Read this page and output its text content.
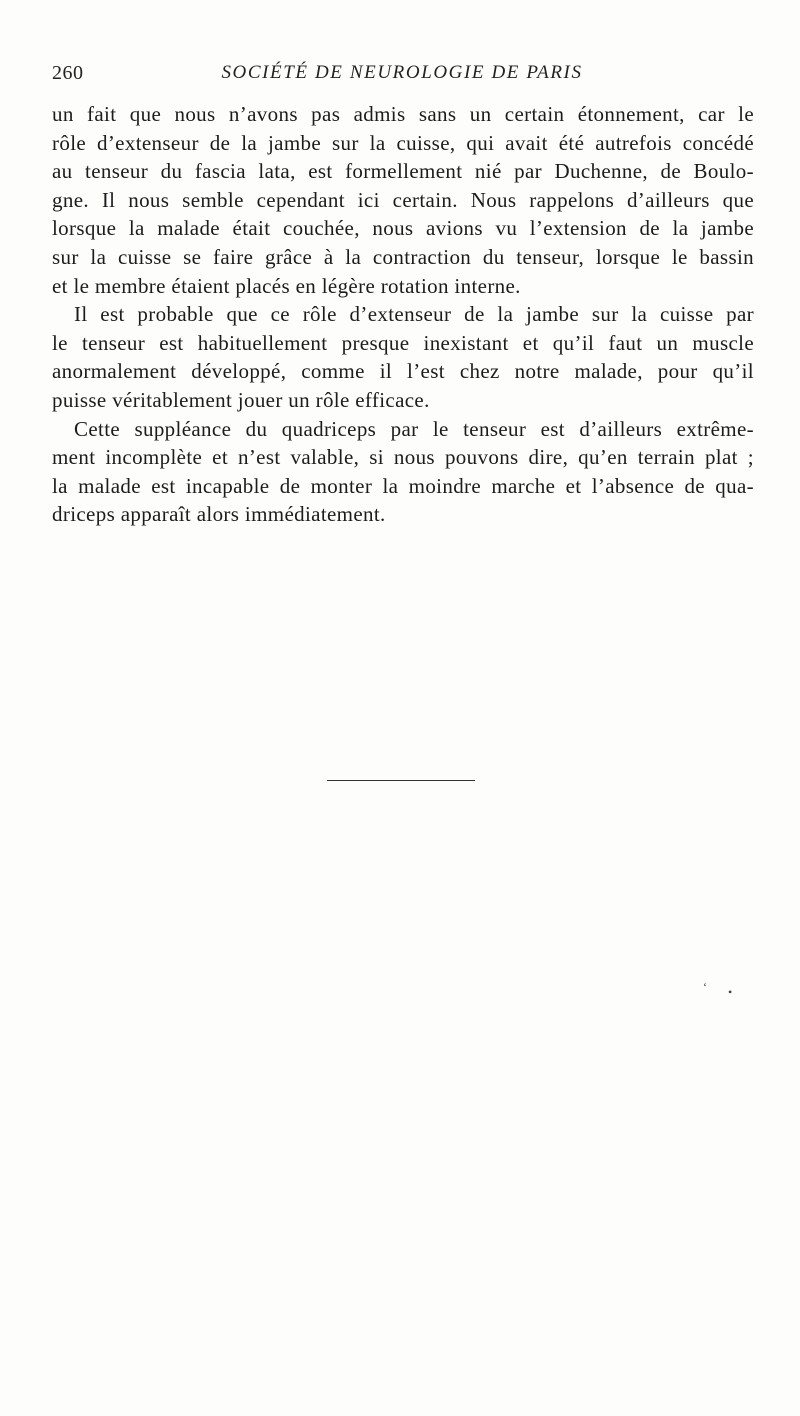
260	SOCIÉTÉ DE NEUROLOGIE DE PARIS
un fait que nous n’avons pas admis sans un certain étonnement, car le
rôle d’extenseur de la jambe sur la cuisse, qui avait été autrefois concédé
au tenseur du fascia lata, est formellement nié par Duchenne, de Boulo-
gne. Il nous semble cependant ici certain. Nous rappelons d’ailleurs que
lorsque la malade était couchée, nous avions vu l’extension de la jambe
sur la cuisse se faire grâce à la contraction du tenseur, lorsque le bassin
et le membre étaient placés en légère rotation interne.
Il est probable que ce rôle d’extenseur de la jambe sur la cuisse par
le tenseur est habituellement presque inexistant et qu’il faut un muscle
anormalement développé, comme il l’est chez notre malade, pour qu’il
puisse véritablement jouer un rôle efficace.
Cette suppléance du quadriceps par le tenseur est d’ailleurs extrême-
ment incomplète et n’est valable, si nous pouvons dire, qu’en terrain plat ;
la malade est incapable de monter la moindre marche et l’absence de qua-
driceps apparaît alors immédiatement.
‘ •
